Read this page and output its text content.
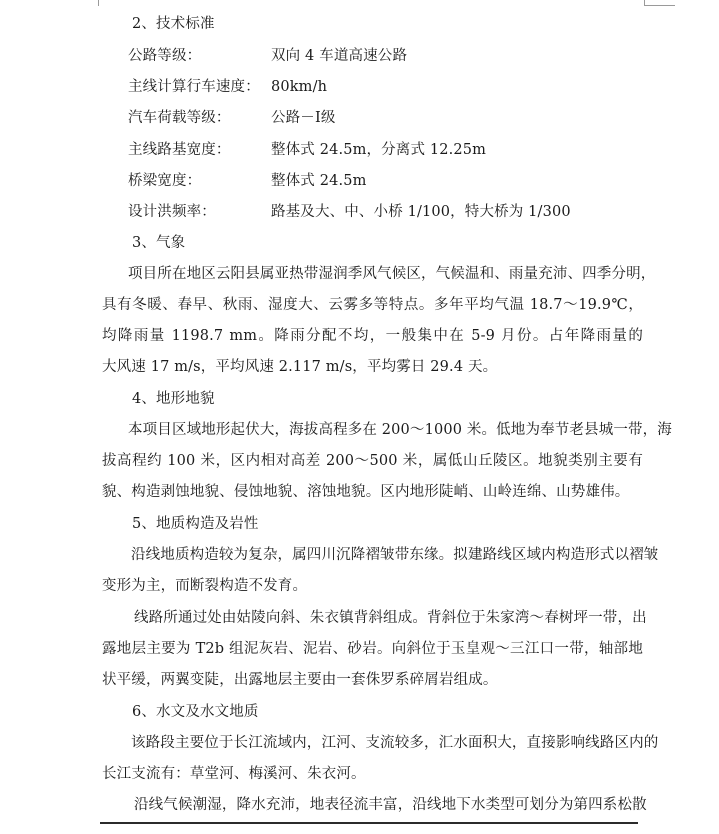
2、技术标准
公路等级：	双向 4 车道高速公路
主线计算行车速度： 80km/h
汽车荷载等级：	公路－Ⅰ级
主线路基宽度：	整体式 24.5m，分离式 12.25m
桥梁宽度：	整体式 24.5m
设计洪频率：	路基及大、中、小桥 1/100，特大桥为 1/300
3、气象
项目所在地区云阳县属亚热带湿润季风气候区，气候温和、雨量充沛、四季分明，
具有冬暖、春早、秋雨、湿度大、云雾多等特点。多年平均气温 18.7～19.9℃，
均降雨量 1198.7 mm。降雨分配不均，一般集中在 5-9 月份。占年降雨量的
大风速 17 m/s，平均风速 2.117 m/s，平均雾日 29.4 天。
4、地形地貌
本项目区域地形起伏大，海拔高程多在 200～1000 米。低地为奉节老县城一带，海
拔高程约 100 米，区内相对高差 200～500 米，属低山丘陵区。地貌类别主要有
貌、构造剥蚀地貌、侵蚀地貌、溶蚀地貌。区内地形陡峭、山岭连绵、山势雄伟。
5、地质构造及岩性
沿线地质构造较为复杂，属四川沉降褶皱带东缘。拟建路线区域内构造形式以褶皱
变形为主，而断裂构造不发育。
线路所通过处由姑陵向斜、朱衣镇背斜组成。背斜位于朱家湾～春树坪一带，出
露地层主要为 T2b 组泥灰岩、泥岩、砂岩。向斜位于玉皇观～三江口一带，轴部地
状平缓，两翼变陡，出露地层主要由一套侏罗系碎屑岩组成。
6、水文及水文地质
该路段主要位于长江流域内，江河、支流较多，汇水面积大，直接影响线路区内的
长江支流有：草堂河、梅溪河、朱衣河。
沿线气候潮湿，降水充沛，地表径流丰富，沿线地下水类型可划分为第四系松散
